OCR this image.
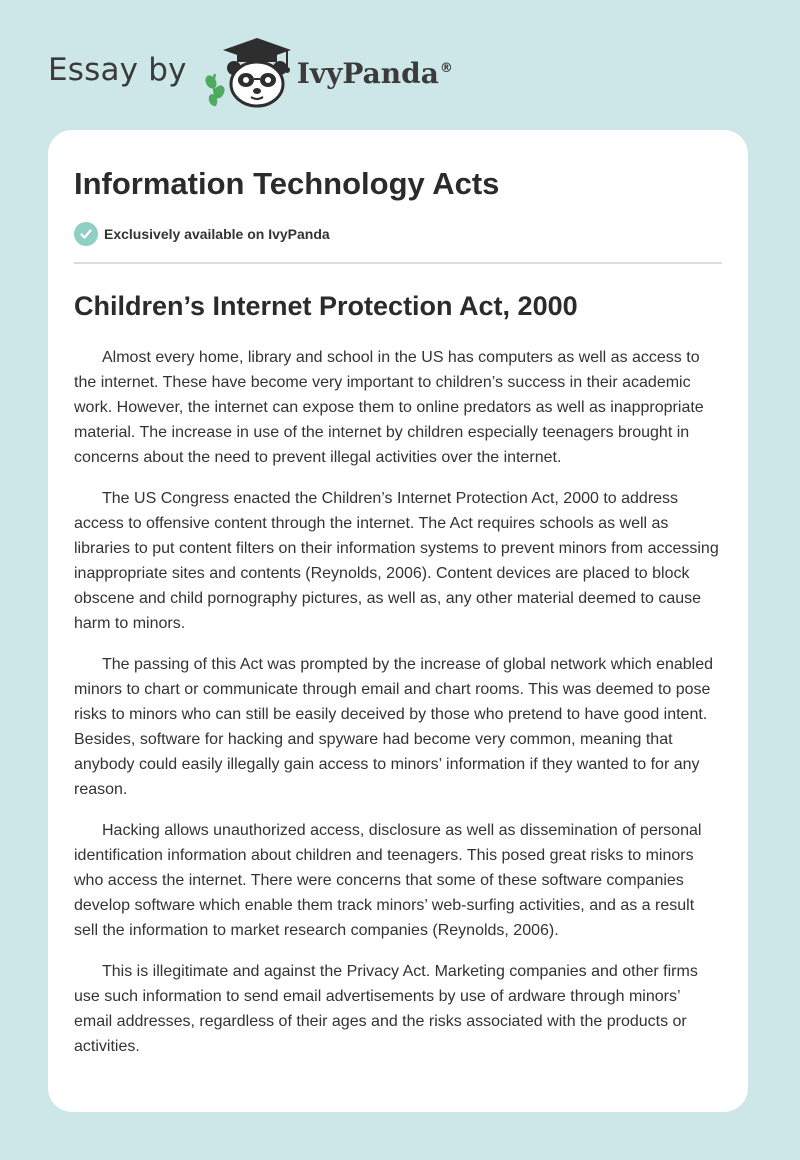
Essay by	IvyPanda®
Information Technology Acts
Exclusively available on IvyPanda
Children’s Internet Protection Act, 2000

Almost every home, library and school in the US has computers as well as access to the internet. These have become very important to children’s success in their academic work. However, the internet can expose them to online predators as well as inappropriate material. The increase in use of the internet by children especially teenagers brought in concerns about the need to prevent illegal activities over the internet.

The US Congress enacted the Children’s Internet Protection Act, 2000 to address access to offensive content through the internet. The Act requires schools as well as libraries to put content filters on their information systems to prevent minors from accessing inappropriate sites and contents (Reynolds, 2006). Content devices are placed to block obscene and child pornography pictures, as well as, any other material deemed to cause harm to minors.

The passing of this Act was prompted by the increase of global network which enabled minors to chart or communicate through email and chart rooms. This was deemed to pose risks to minors who can still be easily deceived by those who pretend to have good intent. Besides, software for hacking and spyware had become very common, meaning that anybody could easily illegally gain access to minors’ information if they wanted to for any reason.

Hacking allows unauthorized access, disclosure as well as dissemination of personal identification information about children and teenagers. This posed great risks to minors who access the internet. There were concerns that some of these software companies develop software which enable them track minors’ web-surfing activities, and as a result sell the information to market research companies (Reynolds, 2006).

This is illegitimate and against the Privacy Act. Marketing companies and other firms use such information to send email advertisements by use of ardware through minors’ email addresses, regardless of their ages and the risks associated with the products or activities.
